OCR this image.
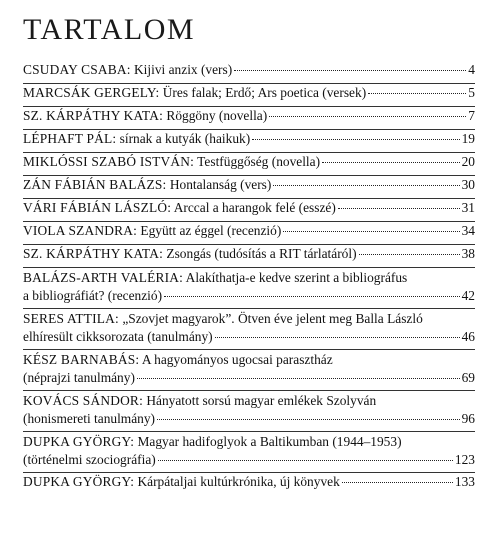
TARTALOM
CSUDAY CSABA: Kijivi anzix (vers)	4
MARCSÁK GERGELY: Üres falak; Erdő; Ars poetica (versek)	5
SZ. KÁRPÁTHY KATA: Röggöny (novella)	7
LÉPHAFT PÁL: sírnak a kutyák (haikuk)	19
MIKLÓSSI SZABÓ ISTVÁN: Testfüggőség (novella)	20
ZÁN FÁBIÁN BALÁZS: Hontalanság (vers)	30
VÁRI FÁBIÁN LÁSZLÓ: Arccal a harangok felé (esszé)	31
VIOLA SZANDRA: Együtt az éggel (recenzió)	34
SZ. KÁRPÁTHY KATA: Zsongás (tudósítás a RIT tárlatáról)	38
BALÁZS-ARTH VALÉRIA: Alakíthatja-e kedve szerint a bibliográfus
a bibliográfiát? (recenzió)	42
SERES ATTILA: „Szovjet magyarok”. Ötven éve jelent meg Balla László
elhíresült cikksorozata (tanulmány)	46
KÉSZ BARNABÁS: A hagyományos ugocsai parasztház
(néprajzi tanulmány)	69
KOVÁCS SÁNDOR: Hányatott sorsú magyar emlékek Szolyván
(honismereti tanulmány)	96
DUPKA GYÖRGY: Magyar hadifoglyok a Baltikumban (1944–1953)
(történelmi szociográfia)	123
DUPKA GYÖRGY: Kárpátaljai kultúrkrónika, új könyvek	133
